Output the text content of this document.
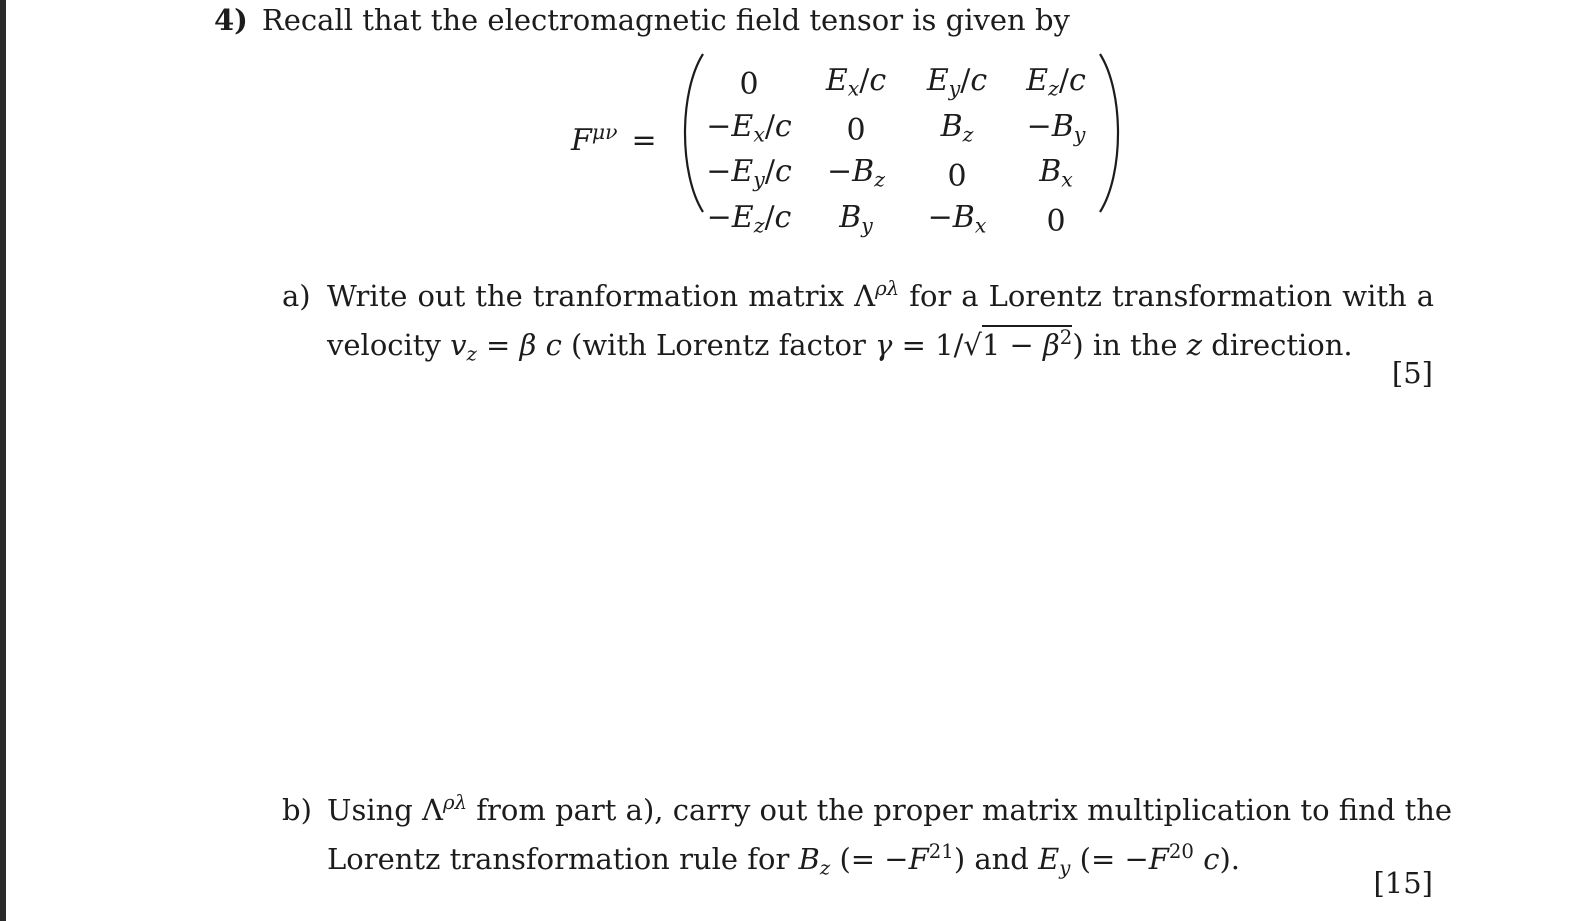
4) Recall that the electromagnetic field tensor is given by
$F^{\mu\nu}$ =
0	$E_x/c$	$E_y/c$	$E_z/c$
$-E_x/c$	0	$B_z$	$-B_y$
$-E_y/c$	$-B_z$	0	$B_x$
$-E_z/c$	$B_y$	$-B_x$	0
a) Write out the tranformation matrix $\Lambda^{\rho\lambda}$ for a Lorentz transformation with a
velocity $v_z = \beta$ c (with Lorentz factor $\gamma = 1/√1 - \beta^2$) in the z direction.
[5]
b) Using $\Lambda^{\rho\lambda}$ from part a), carry out the proper matrix multiplication to find the
Lorentz transformation rule for $B_z$ (= $-F^{21}$) and $E_y$ (= $-F^{20}$ c).
[15]
